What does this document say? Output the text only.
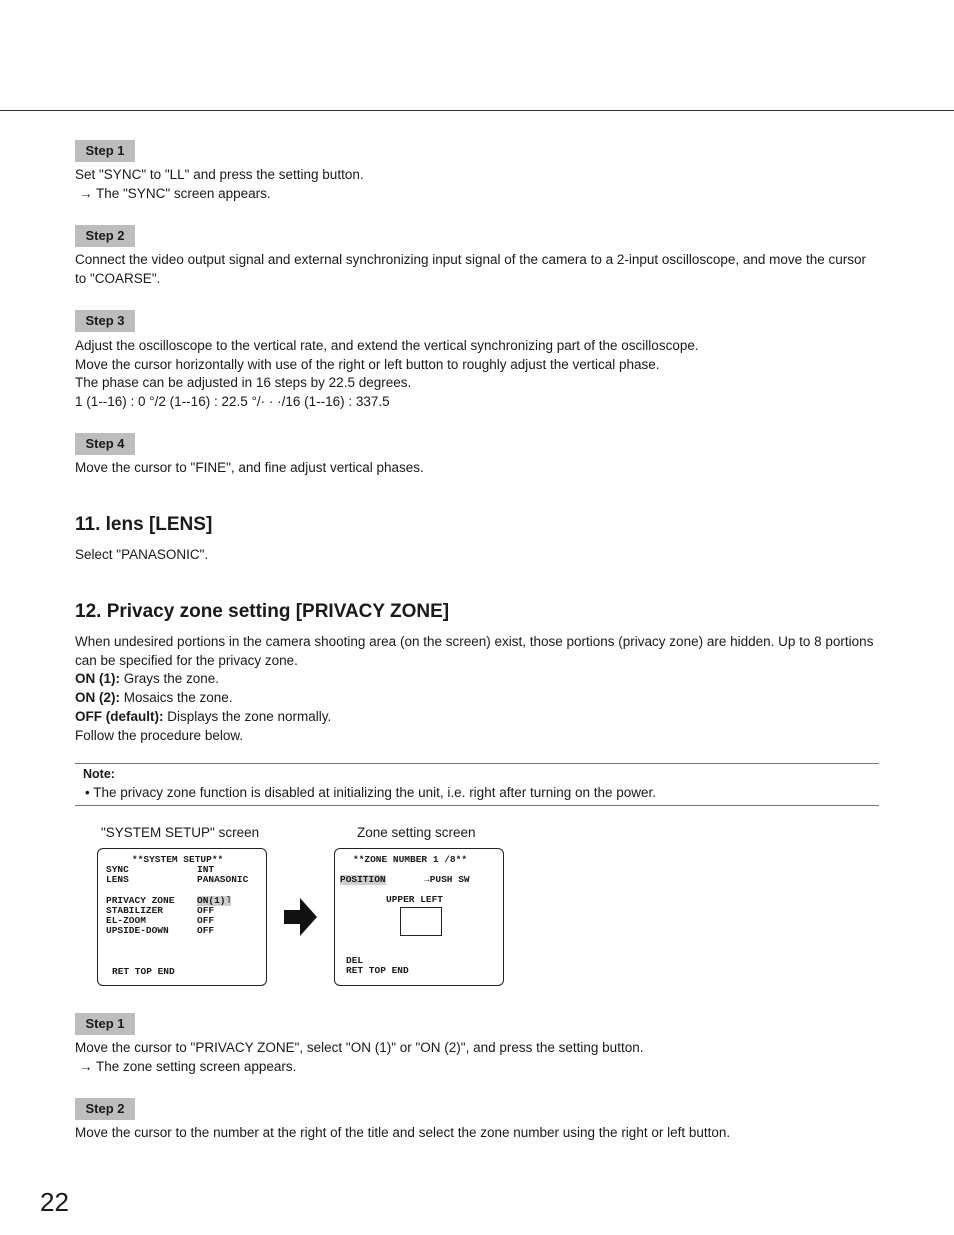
Step 1

Set "SYNC" to "LL" and press the setting button.
→ The "SYNC" screen appears.

Step 2

Connect the video output signal and external synchronizing input signal of the camera to a 2-input oscilloscope, and move the cursor
to "COARSE".

Step 3

Adjust the oscilloscope to the vertical rate, and extend the vertical synchronizing part of the oscilloscope.
Move the cursor horizontally with use of the right or left button to roughly adjust the vertical phase.
The phase can be adjusted in 16 steps by 22.5 degrees.
1 (1--16) : 0 °/2 (1--16) : 22.5 °/· · ·/16 (1--16) : 337.5

Step 4

Move the cursor to "FINE", and fine adjust vertical phases.

11. lens [LENS]

Select "PANASONIC".

12. Privacy zone setting [PRIVACY ZONE]

When undesired portions in the camera shooting area (on the screen) exist, those portions (privacy zone) are hidden. Up to 8 portions
can be specified for the privacy zone.
ON (1): Grays the zone.
ON (2): Mosaics the zone.
OFF (default): Displays the zone normally.
Follow the procedure below.

Note:
• The privacy zone function is disabled at initializing the unit, i.e. right after turning on the power.
"SYSTEM SETUP" screen	Zone setting screen
**SYSTEM SETUP**
SYNC	INT
LENS	PANASONIC
PRIVACY ZONE ON(1)˥
STABILIZER	OFF
EL-ZOOM	OFF
UPSIDE-DOWN	OFF
RET TOP END
**ZONE NUMBER 1 /8**
POSITION	→PUSH SW
UPPER LEFT
DEL
RET TOP END
Step 1

Move the cursor to "PRIVACY ZONE", select "ON (1)" or "ON (2)", and press the setting button.
→ The zone setting screen appears.

Step 2

Move the cursor to the number at the right of the title and select the zone number using the right or left button.

22
